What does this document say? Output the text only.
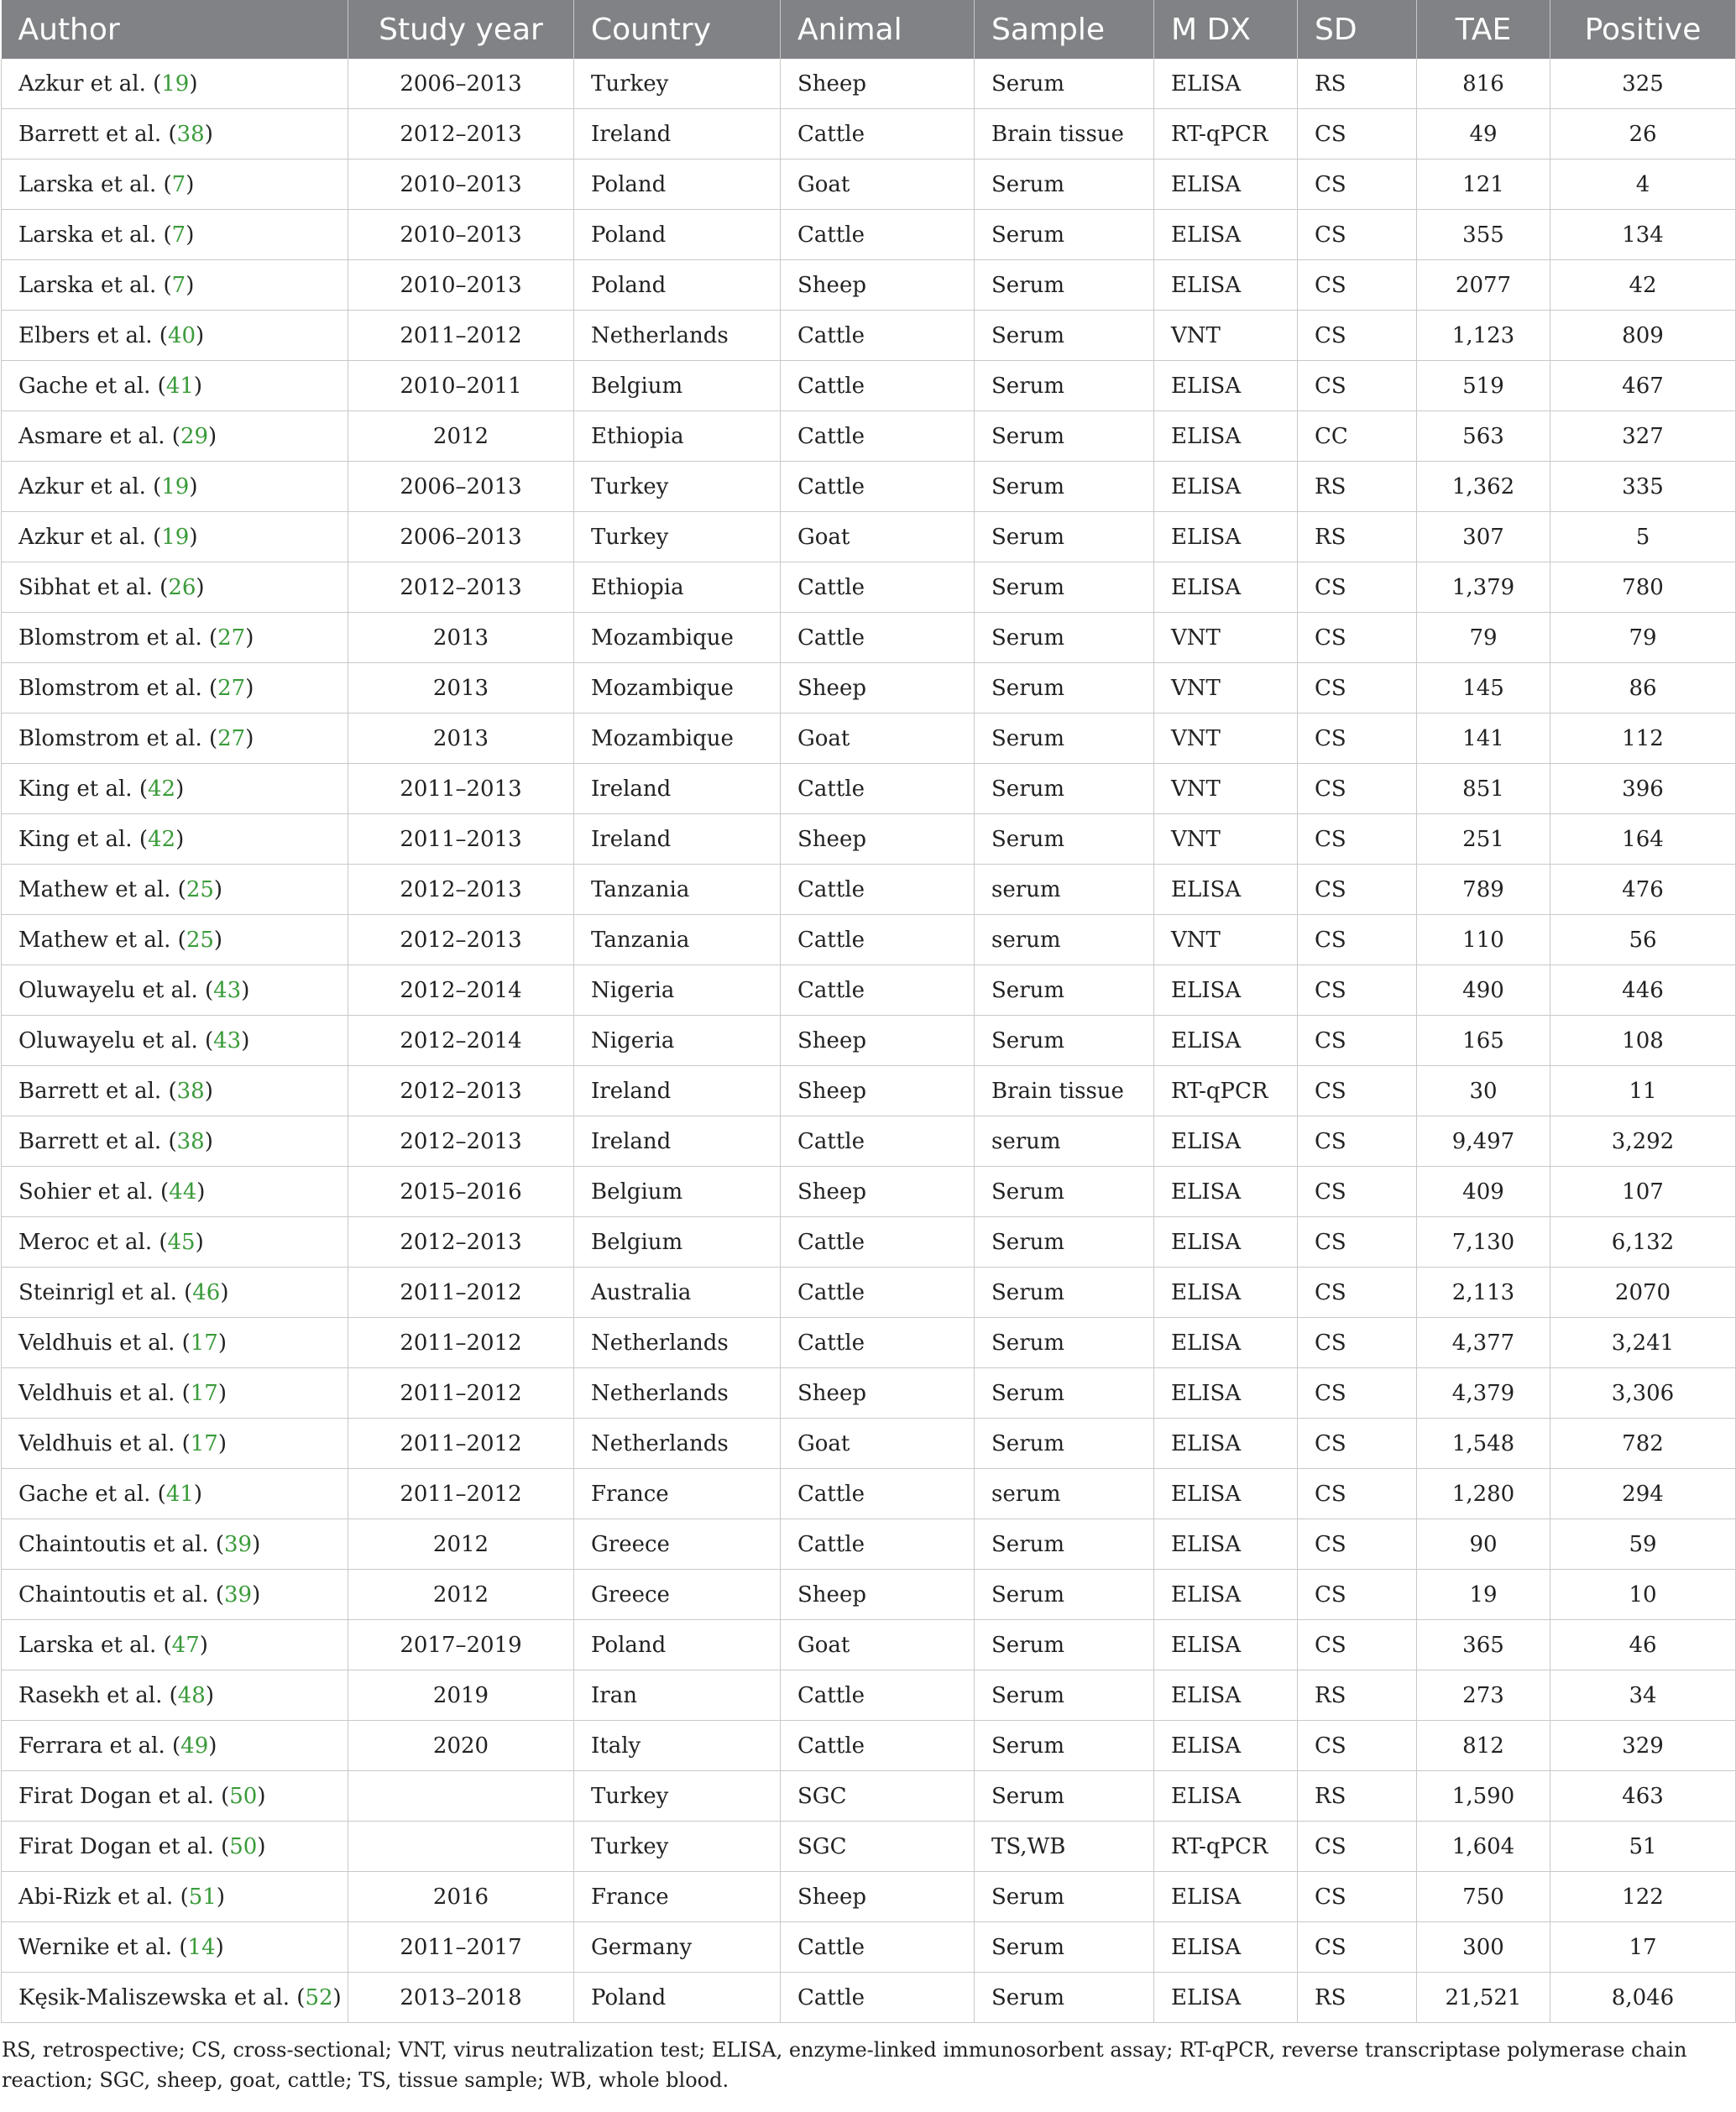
Author	Study year	Country	Animal	Sample	M DX	SD	TAE	Positive
Azkur et al. (19)	2006–2013	Turkey	Sheep	Serum	ELISA	RS	816	325
Barrett et al. (38)	2012–2013	Ireland	Cattle	Brain tissue	RT-qPCR	CS	49	26
Larska et al. (7)	2010–2013	Poland	Goat	Serum	ELISA	CS	121	4
Larska et al. (7)	2010–2013	Poland	Cattle	Serum	ELISA	CS	355	134
Larska et al. (7)	2010–2013	Poland	Sheep	Serum	ELISA	CS	2077	42
Elbers et al. (40)	2011–2012	Netherlands	Cattle	Serum	VNT	CS	1,123	809
Gache et al. (41)	2010–2011	Belgium	Cattle	Serum	ELISA	CS	519	467
Asmare et al. (29)	2012	Ethiopia	Cattle	Serum	ELISA	CC	563	327
Azkur et al. (19)	2006–2013	Turkey	Cattle	Serum	ELISA	RS	1,362	335
Azkur et al. (19)	2006–2013	Turkey	Goat	Serum	ELISA	RS	307	5
Sibhat et al. (26)	2012–2013	Ethiopia	Cattle	Serum	ELISA	CS	1,379	780
Blomstrom et al. (27)	2013	Mozambique	Cattle	Serum	VNT	CS	79	79
Blomstrom et al. (27)	2013	Mozambique	Sheep	Serum	VNT	CS	145	86
Blomstrom et al. (27)	2013	Mozambique	Goat	Serum	VNT	CS	141	112
King et al. (42)	2011–2013	Ireland	Cattle	Serum	VNT	CS	851	396
King et al. (42)	2011–2013	Ireland	Sheep	Serum	VNT	CS	251	164
Mathew et al. (25)	2012–2013	Tanzania	Cattle	serum	ELISA	CS	789	476
Mathew et al. (25)	2012–2013	Tanzania	Cattle	serum	VNT	CS	110	56
Oluwayelu et al. (43)	2012–2014	Nigeria	Cattle	Serum	ELISA	CS	490	446
Oluwayelu et al. (43)	2012–2014	Nigeria	Sheep	Serum	ELISA	CS	165	108
Barrett et al. (38)	2012–2013	Ireland	Sheep	Brain tissue	RT-qPCR	CS	30	11
Barrett et al. (38)	2012–2013	Ireland	Cattle	serum	ELISA	CS	9,497	3,292
Sohier et al. (44)	2015–2016	Belgium	Sheep	Serum	ELISA	CS	409	107
Meroc et al. (45)	2012–2013	Belgium	Cattle	Serum	ELISA	CS	7,130	6,132
Steinrigl et al. (46)	2011–2012	Australia	Cattle	Serum	ELISA	CS	2,113	2070
Veldhuis et al. (17)	2011–2012	Netherlands	Cattle	Serum	ELISA	CS	4,377	3,241
Veldhuis et al. (17)	2011–2012	Netherlands	Sheep	Serum	ELISA	CS	4,379	3,306
Veldhuis et al. (17)	2011–2012	Netherlands	Goat	Serum	ELISA	CS	1,548	782
Gache et al. (41)	2011–2012	France	Cattle	serum	ELISA	CS	1,280	294
Chaintoutis et al. (39)	2012	Greece	Cattle	Serum	ELISA	CS	90	59
Chaintoutis et al. (39)	2012	Greece	Sheep	Serum	ELISA	CS	19	10
Larska et al. (47)	2017–2019	Poland	Goat	Serum	ELISA	CS	365	46
Rasekh et al. (48)	2019	Iran	Cattle	Serum	ELISA	RS	273	34
Ferrara et al. (49)	2020	Italy	Cattle	Serum	ELISA	CS	812	329
Firat Dogan et al. (50)		Turkey	SGC	Serum	ELISA	RS	1,590	463
Firat Dogan et al. (50)		Turkey	SGC	TS,WB	RT-qPCR	CS	1,604	51
Abi-Rizk et al. (51)	2016	France	Sheep	Serum	ELISA	CS	750	122
Wernike et al. (14)	2011–2017	Germany	Cattle	Serum	ELISA	CS	300	17
Kęsik-Maliszewska et al. (52)	2013–2018	Poland	Cattle	Serum	ELISA	RS	21,521	8,046
RS, retrospective; CS, cross-sectional; VNT, virus neutralization test; ELISA, enzyme-linked immunosorbent assay; RT-qPCR, reverse transcriptase polymerase chain reaction; SGC, sheep, goat, cattle; TS, tissue sample; WB, whole blood.
